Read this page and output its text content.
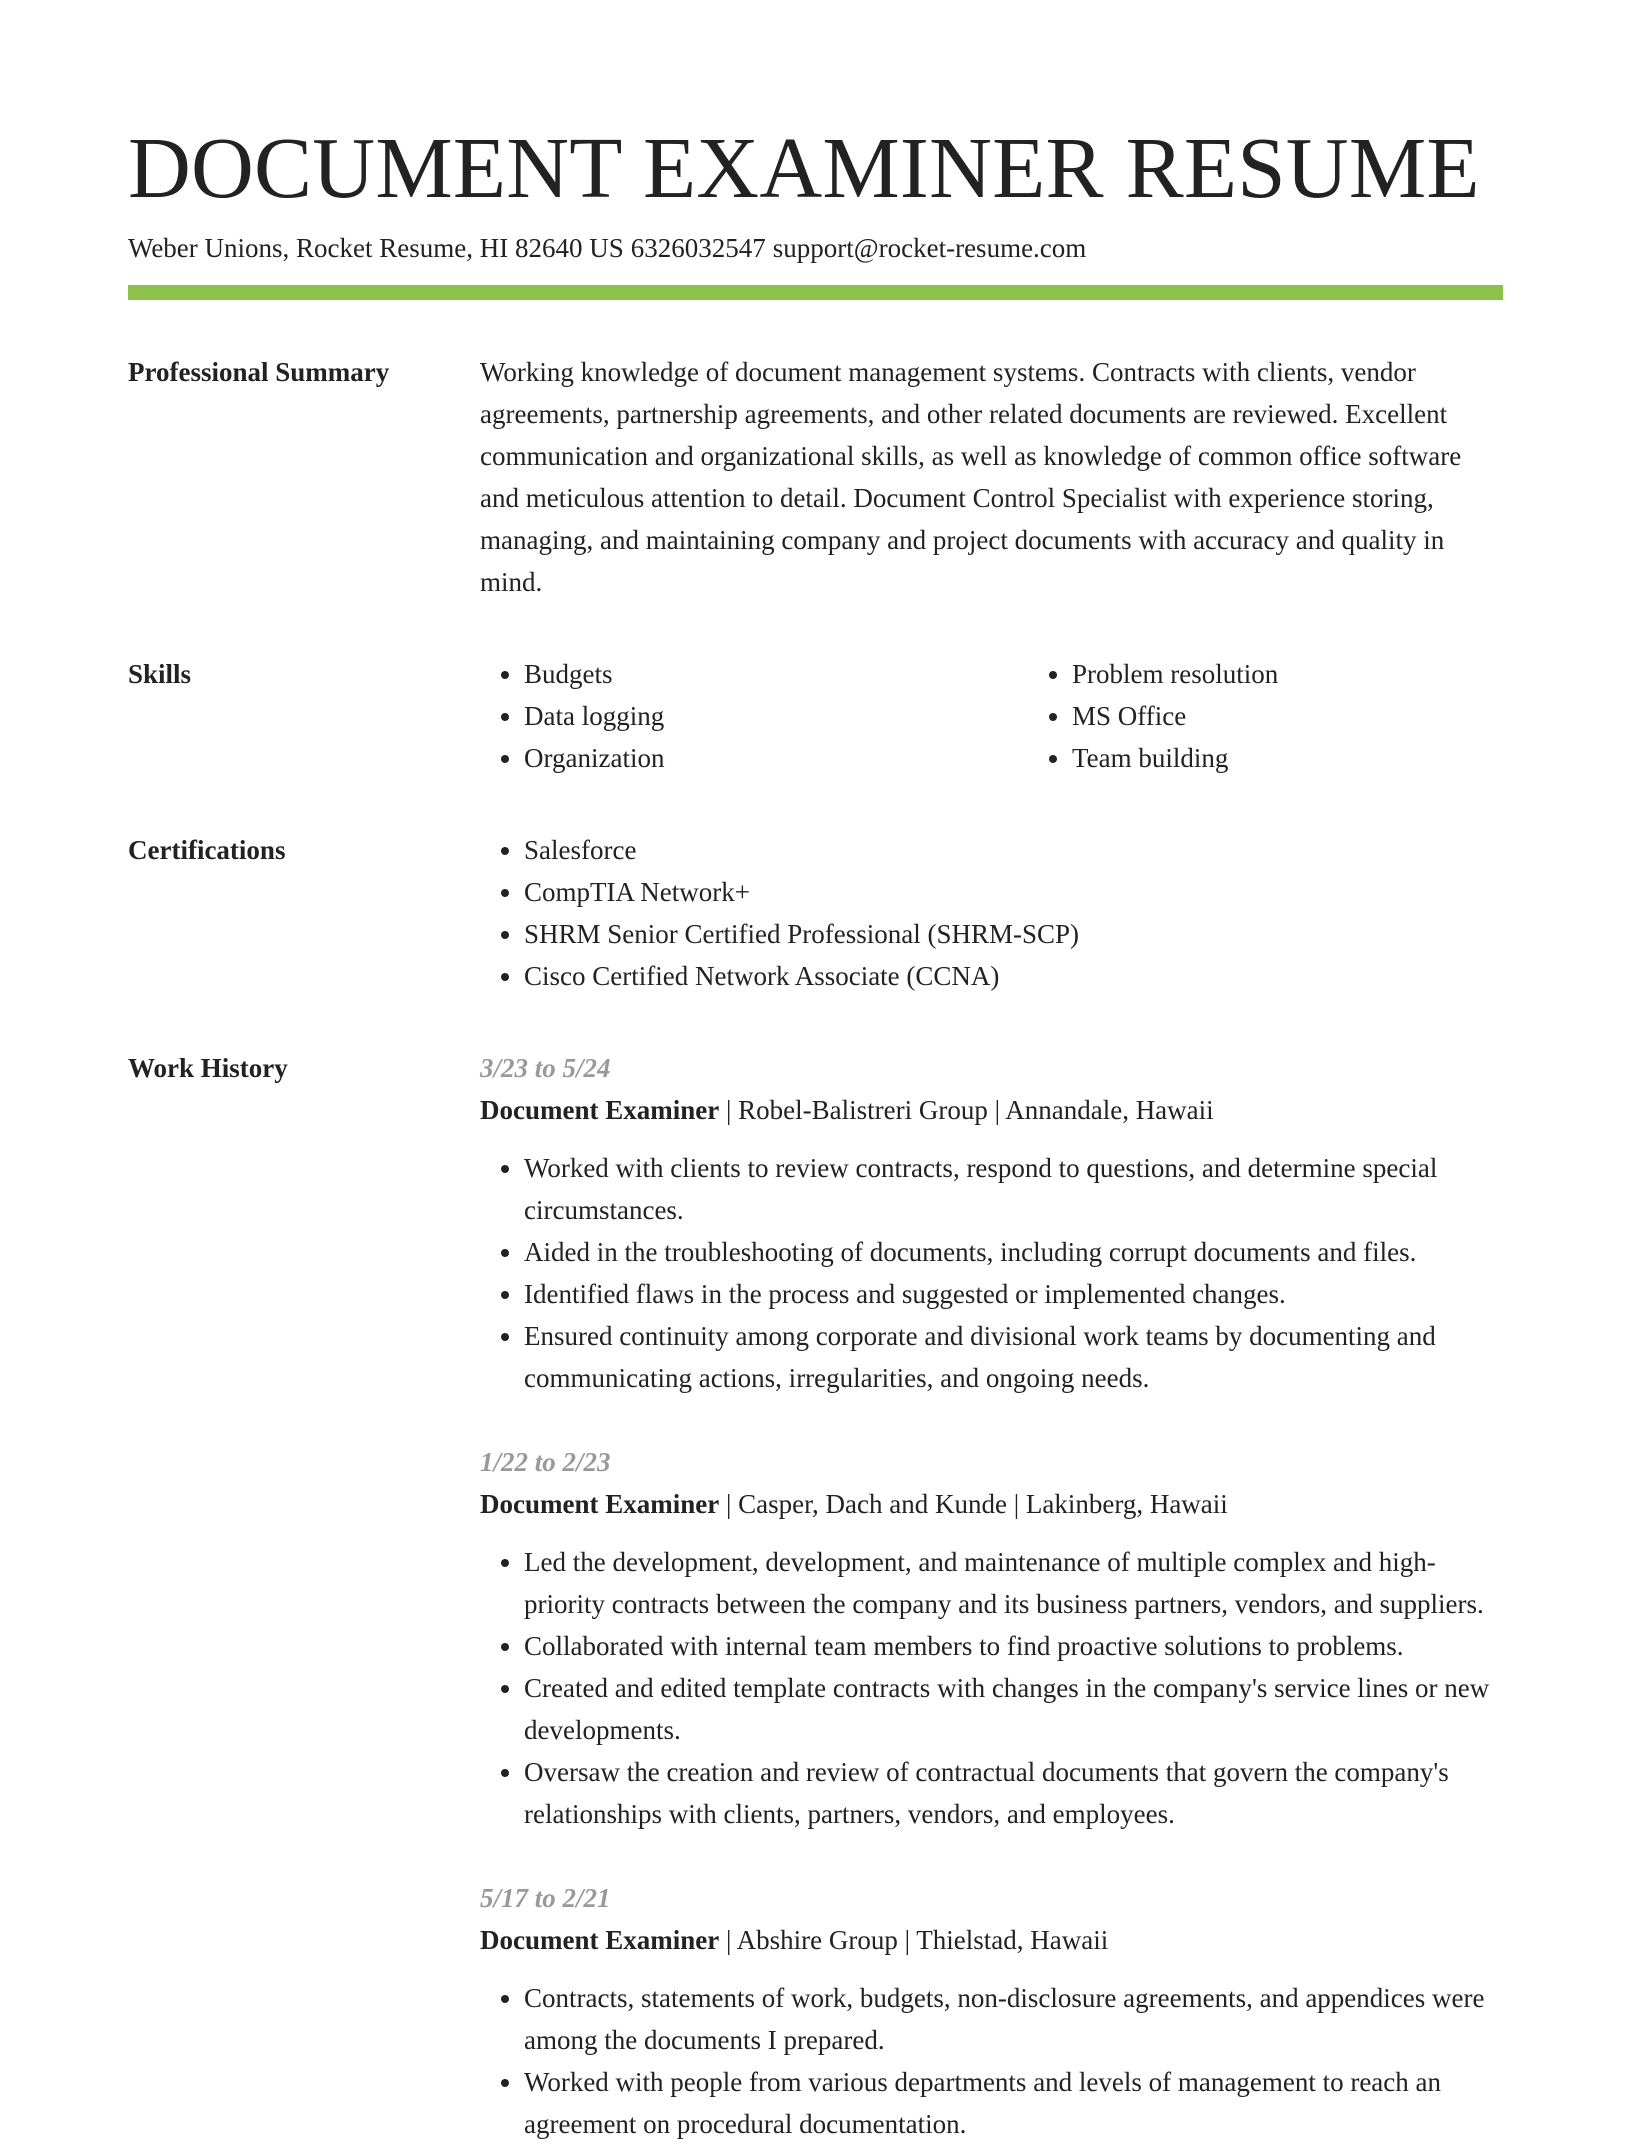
DOCUMENT EXAMINER RESUME
Weber Unions, Rocket Resume, HI 82640 US 6326032547 support@rocket-resume.com
Professional Summary	Working knowledge of document management systems. Contracts with clients, vendor agreements, partnership agreements, and other related documents are reviewed. Excellent communication and organizational skills, as well as knowledge of common office software and meticulous attention to detail. Document Control Specialist with experience storing, managing, and maintaining company and project documents with accuracy and quality in mind.

Skills	• Budgets
• Data logging
• Organization
• Problem resolution
• MS Office
• Team building
Certifications	• Salesforce
• CompTIA Network+
• SHRM Senior Certified Professional (SHRM-SCP)
• Cisco Certified Network Associate (CCNA)
Work History	3/23 to 5/24
Document Examiner | Robel-Balistreri Group | Annandale, Hawaii
• Worked with clients to review contracts, respond to questions, and determine special circumstances.
• Aided in the troubleshooting of documents, including corrupt documents and files.
• Identified flaws in the process and suggested or implemented changes.
• Ensured continuity among corporate and divisional work teams by documenting and communicating actions, irregularities, and ongoing needs.
1/22 to 2/23
Document Examiner | Casper, Dach and Kunde | Lakinberg, Hawaii
• Led the development, development, and maintenance of multiple complex and high-priority contracts between the company and its business partners, vendors, and suppliers.
• Collaborated with internal team members to find proactive solutions to problems.
• Created and edited template contracts with changes in the company's service lines or new developments.
• Oversaw the creation and review of contractual documents that govern the company's relationships with clients, partners, vendors, and employees.
5/17 to 2/21
Document Examiner | Abshire Group | Thielstad, Hawaii
• Contracts, statements of work, budgets, non-disclosure agreements, and appendices were among the documents I prepared.
• Worked with people from various departments and levels of management to reach an agreement on procedural documentation.
